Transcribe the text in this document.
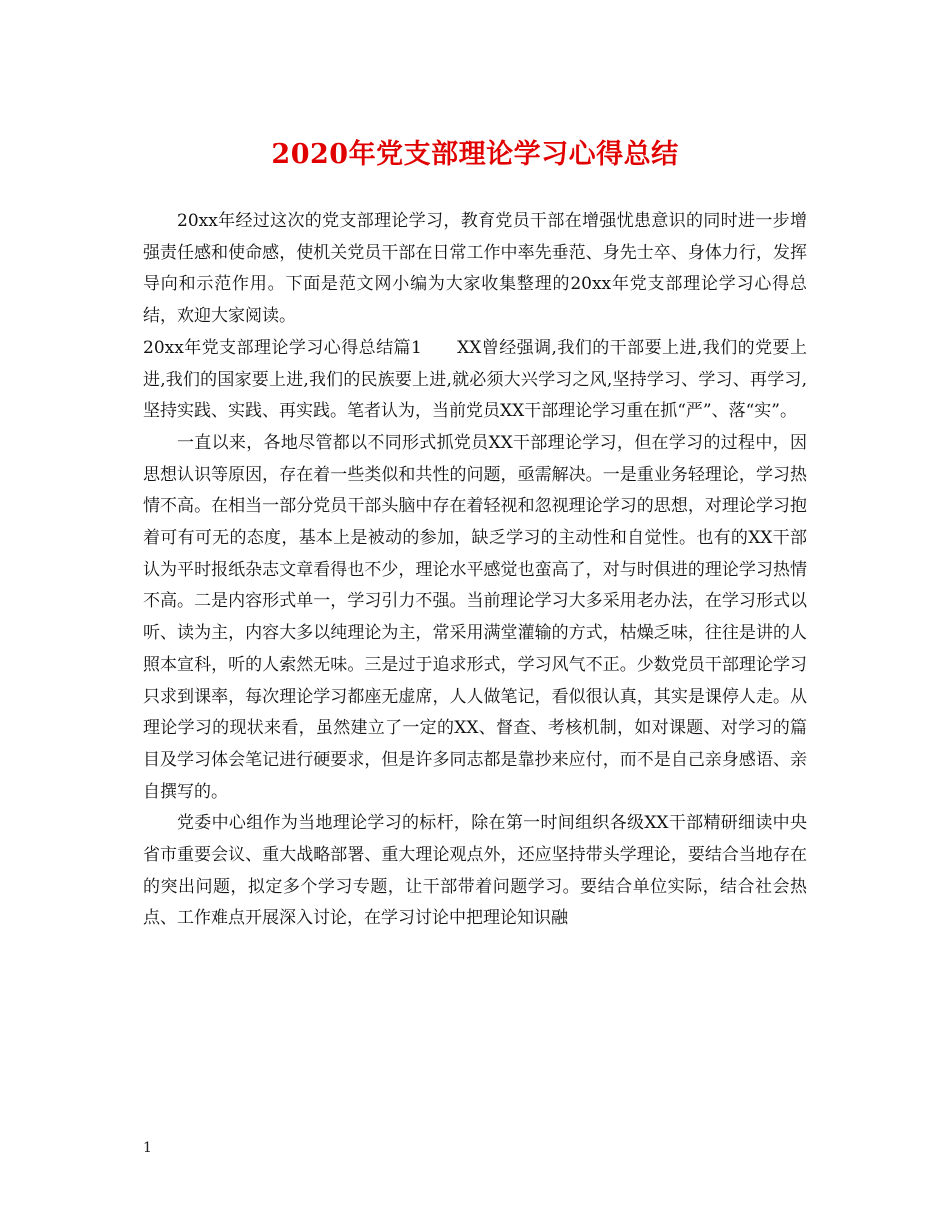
2020年党支部理论学习心得总结

20xx年经过这次的党支部理论学习，教育党员干部在增强忧患意识的同时进一步增强责任感和使命感，使机关党员干部在日常工作中率先垂范、身先士卒、身体力行，发挥导向和示范作用。下面是范文网小编为大家收集整理的20xx年党支部理论学习心得总结，欢迎大家阅读。

20xx年党支部理论学习心得总结篇1　　XX曾经强调,我们的干部要上进,我们的党要上进,我们的国家要上进,我们的民族要上进,就必须大兴学习之风,坚持学习、学习、再学习,坚持实践、实践、再实践。笔者认为，当前党员XX干部理论学习重在抓“严”、落“实”。

一直以来，各地尽管都以不同形式抓党员XX干部理论学习，但在学习的过程中，因思想认识等原因，存在着一些类似和共性的问题，亟需解决。一是重业务轻理论，学习热情不高。在相当一部分党员干部头脑中存在着轻视和忽视理论学习的思想，对理论学习抱着可有可无的态度，基本上是被动的参加，缺乏学习的主动性和自觉性。也有的XX干部认为平时报纸杂志文章看得也不少，理论水平感觉也蛮高了，对与时俱进的理论学习热情不高。二是内容形式单一，学习引力不强。当前理论学习大多采用老办法，在学习形式以听、读为主，内容大多以纯理论为主，常采用满堂灌输的方式，枯燥乏味，往往是讲的人照本宣科，听的人索然无味。三是过于追求形式，学习风气不正。少数党员干部理论学习只求到课率，每次理论学习都座无虚席，人人做笔记，看似很认真，其实是课停人走。从理论学习的现状来看，虽然建立了一定的XX、督查、考核机制，如对课题、对学习的篇目及学习体会笔记进行硬要求，但是许多同志都是靠抄来应付，而不是自己亲身感语、亲自撰写的。

党委中心组作为当地理论学习的标杆，除在第一时间组织各级XX干部精研细读中央省市重要会议、重大战略部署、重大理论观点外，还应坚持带头学理论，要结合当地存在的突出问题，拟定多个学习专题，让干部带着问题学习。要结合单位实际，结合社会热点、工作难点开展深入讨论，在学习讨论中把理论知识融

1
